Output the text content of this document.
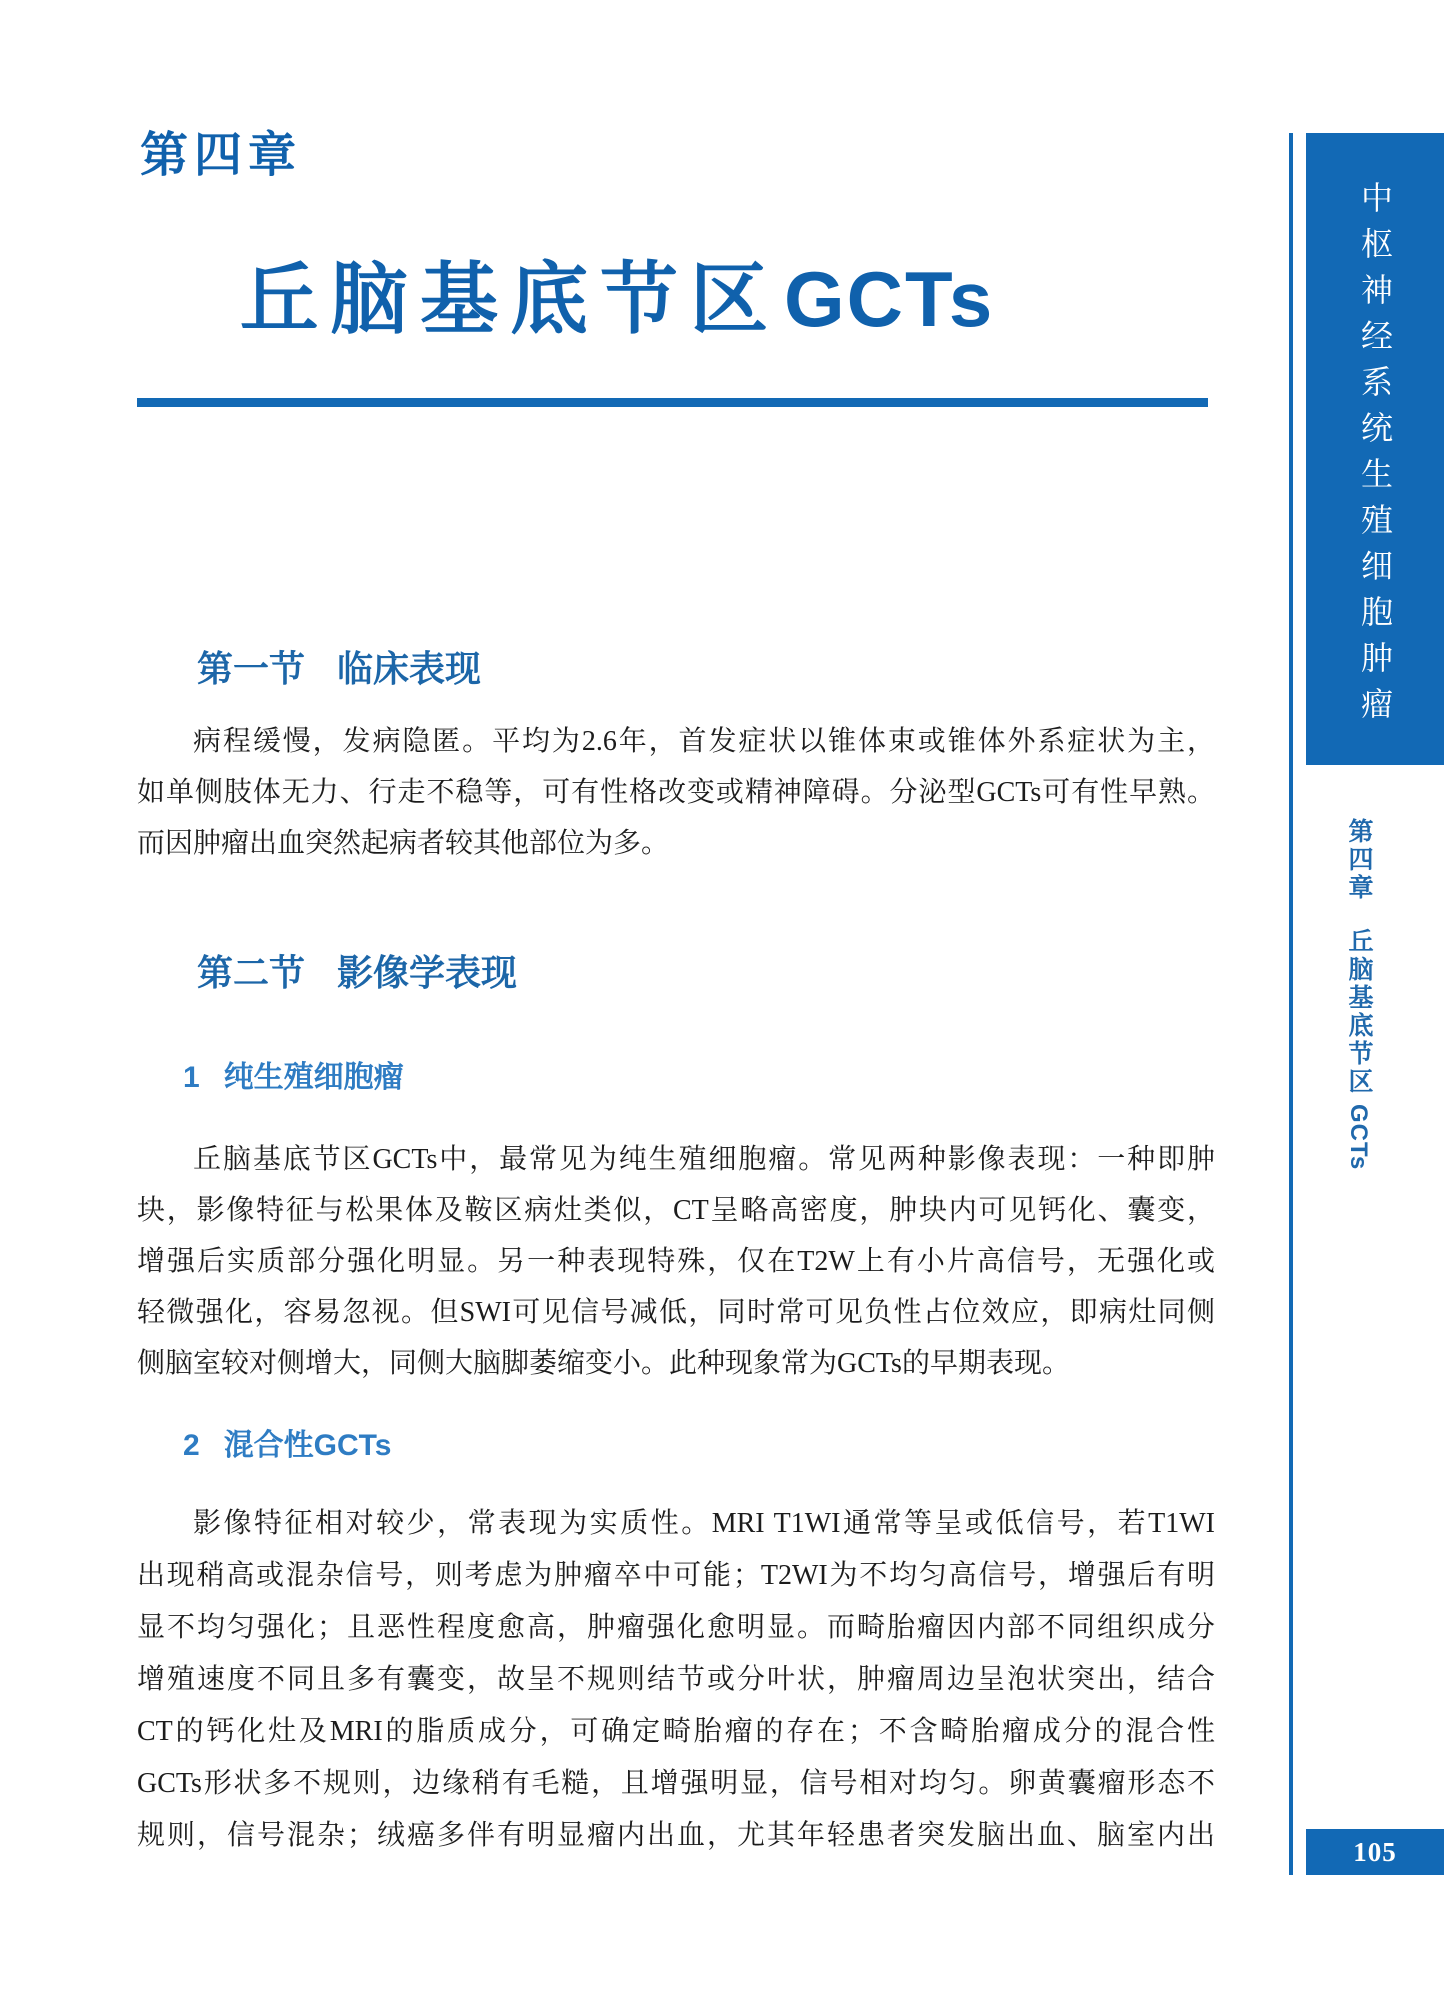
第四章
丘脑基底节区GCTs
第一节 临床表现
病程缓慢，发病隐匿。平均为2.6年，首发症状以锥体束或锥体外系症状为主，
如单侧肢体无力、行走不稳等，可有性格改变或精神障碍。分泌型GCTs可有性早熟。
而因肿瘤出血突然起病者较其他部位为多。
第二节 影像学表现
1 纯生殖细胞瘤
丘脑基底节区GCTs中，最常见为纯生殖细胞瘤。常见两种影像表现：一种即肿
块，影像特征与松果体及鞍区病灶类似，CT呈略高密度，肿块内可见钙化、囊变，
增强后实质部分强化明显。另一种表现特殊，仅在T2W上有小片高信号，无强化或
轻微强化，容易忽视。但SWI可见信号减低，同时常可见负性占位效应，即病灶同侧
侧脑室较对侧增大，同侧大脑脚萎缩变小。此种现象常为GCTs的早期表现。
2 混合性GCTs
影像特征相对较少，常表现为实质性。MRI T1WI通常等呈或低信号，若T1WI
出现稍高或混杂信号，则考虑为肿瘤卒中可能；T2WI为不均匀高信号，增强后有明
显不均匀强化；且恶性程度愈高，肿瘤强化愈明显。而畸胎瘤因内部不同组织成分
增殖速度不同且多有囊变，故呈不规则结节或分叶状，肿瘤周边呈泡状突出，结合
CT的钙化灶及MRI的脂质成分，可确定畸胎瘤的存在；不含畸胎瘤成分的混合性
GCTs形状多不规则，边缘稍有毛糙，且增强明显，信号相对均匀。卵黄囊瘤形态不
规则，信号混杂；绒癌多伴有明显瘤内出血，尤其年轻患者突发脑出血、脑室内出
中枢神经系统生殖细胞肿瘤
第四章丘脑基底节区GCTs
105
